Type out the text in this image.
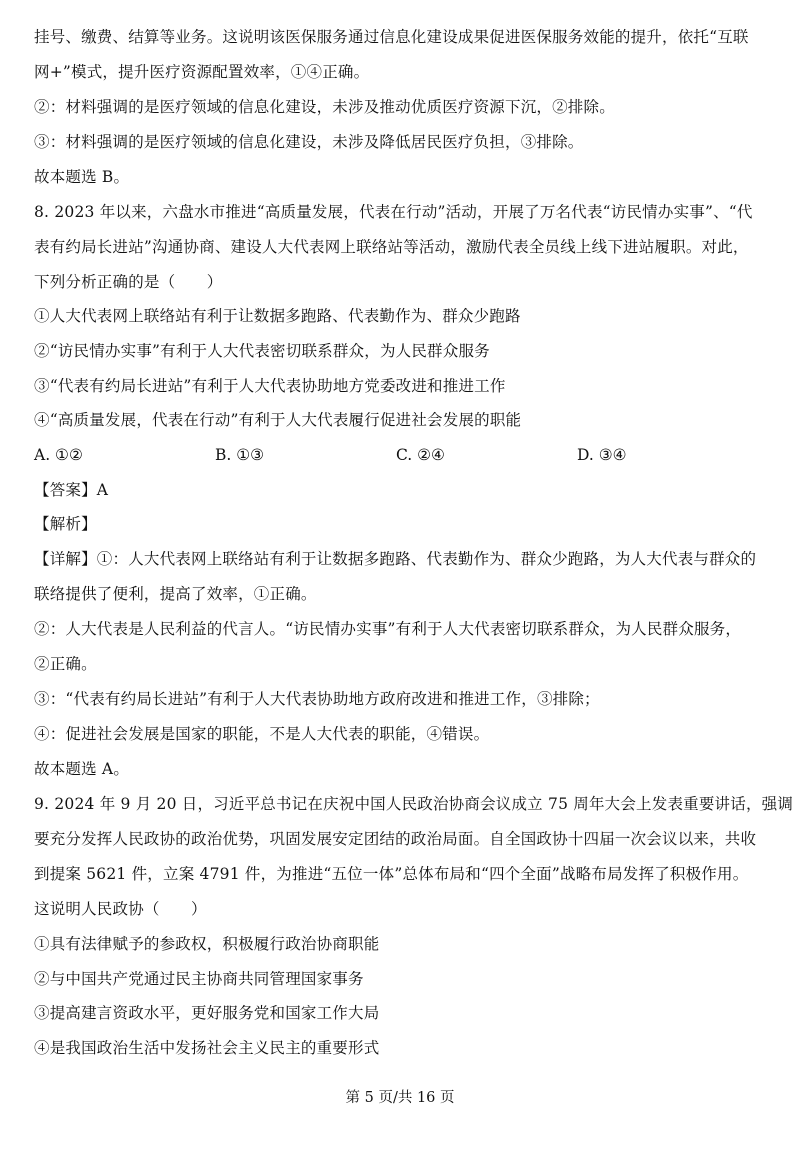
挂号、缴费、结算等业务。这说明该医保服务通过信息化建设成果促进医保服务效能的提升，依托“互联
网+”模式，提升医疗资源配置效率，①④正确。
②：材料强调的是医疗领域的信息化建设，未涉及推动优质医疗资源下沉，②排除。
③：材料强调的是医疗领域的信息化建设，未涉及降低居民医疗负担，③排除。
故本题选 B。
8. 2023 年以来，六盘水市推进“高质量发展，代表在行动”活动，开展了万名代表“访民情办实事”、“代
表有约局长进站”沟通协商、建设人大代表网上联络站等活动，激励代表全员线上线下进站履职。对此，
下列分析正确的是（　　）
①人大代表网上联络站有利于让数据多跑路、代表勤作为、群众少跑路
②“访民情办实事”有利于人大代表密切联系群众，为人民群众服务
③“代表有约局长进站”有利于人大代表协助地方党委改进和推进工作
④“高质量发展，代表在行动”有利于人大代表履行促进社会发展的职能
A. ①②	B. ①③	C. ②④	D. ③④
【答案】A
【解析】
【详解】①：人大代表网上联络站有利于让数据多跑路、代表勤作为、群众少跑路，为人大代表与群众的
联络提供了便利，提高了效率，①正确。
②：人大代表是人民利益的代言人。“访民情办实事”有利于人大代表密切联系群众，为人民群众服务，
②正确。
③：“代表有约局长进站”有利于人大代表协助地方政府改进和推进工作，③排除；
④：促进社会发展是国家的职能，不是人大代表的职能，④错误。
故本题选 A。
9. 2024 年 9 月 20 日，习近平总书记在庆祝中国人民政治协商会议成立 75 周年大会上发表重要讲话，强调
要充分发挥人民政协的政治优势，巩固发展安定团结的政治局面。自全国政协十四届一次会议以来，共收
到提案 5621 件，立案 4791 件，为推进“五位一体”总体布局和“四个全面”战略布局发挥了积极作用。
这说明人民政协（　　）
①具有法律赋予的参政权，积极履行政治协商职能
②与中国共产党通过民主协商共同管理国家事务
③提高建言资政水平，更好服务党和国家工作大局
④是我国政治生活中发扬社会主义民主的重要形式
第 5 页/共 16 页
